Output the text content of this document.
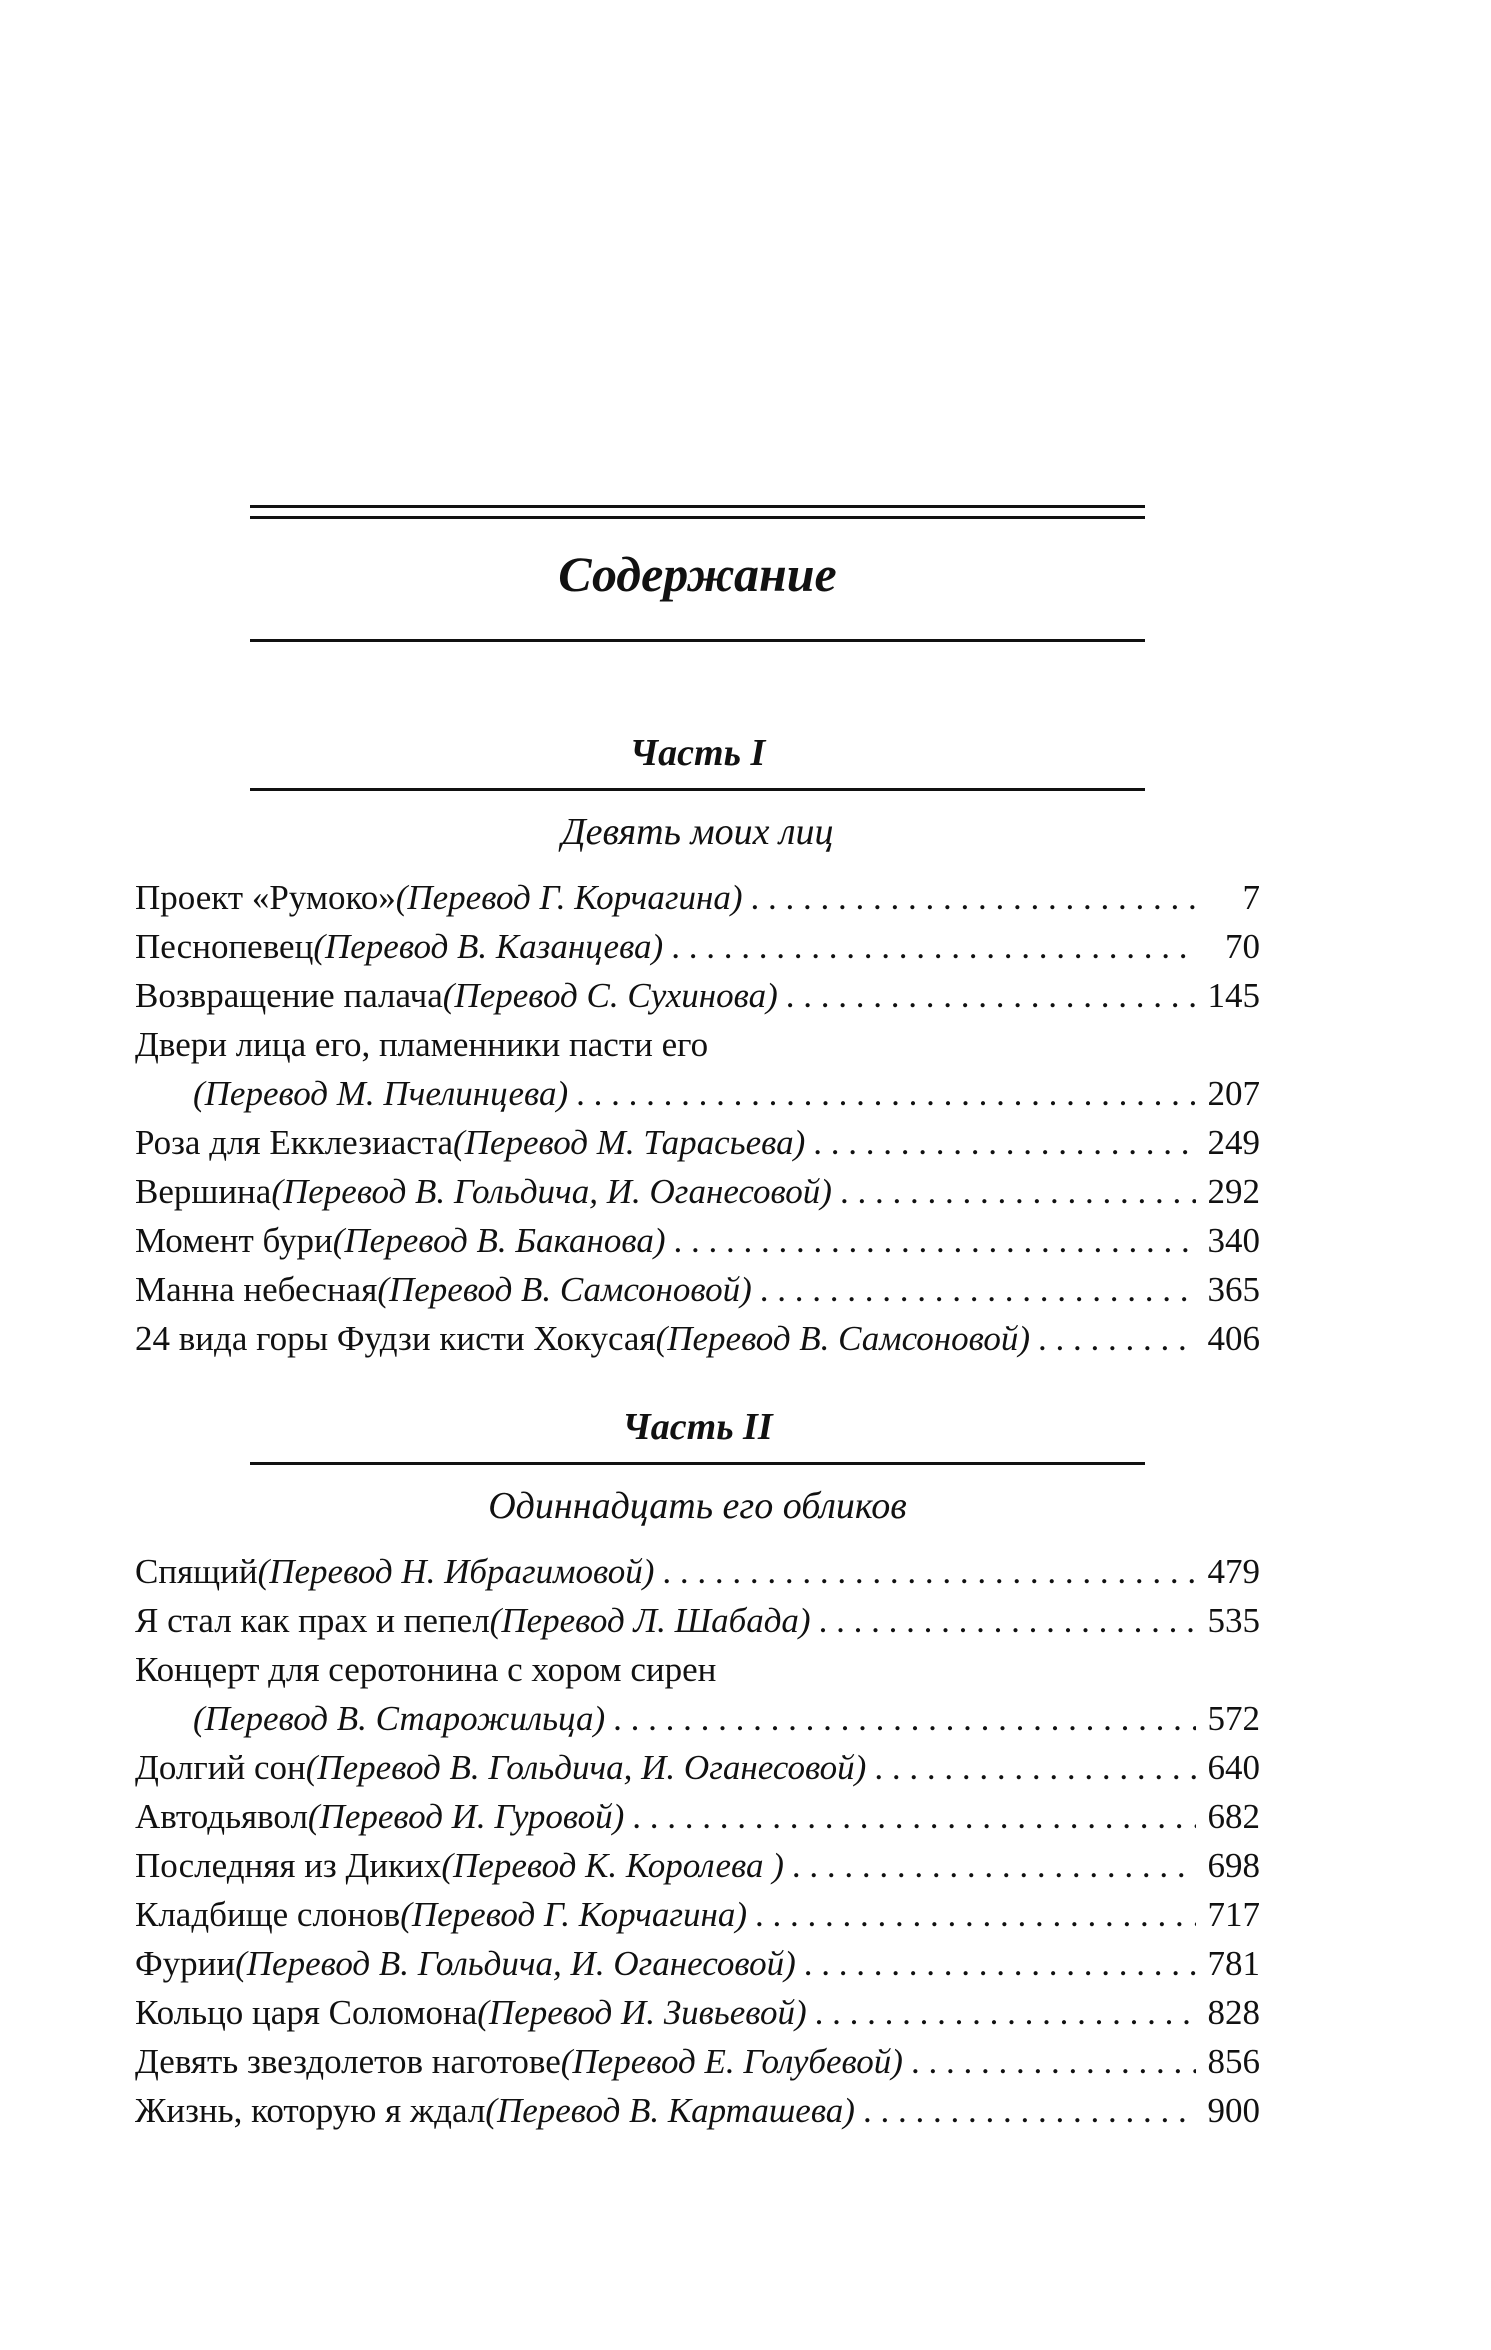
Содержание
Часть I
Девять моих лиц
Проект «Румоко» (Перевод Г. Корчагина) . . .	7
Песнопевец (Перевод В. Казанцева) . . .	70
Возвращение палача (Перевод С. Сухинова) . . .	145
Двери лица его, пламенники пасти его
(Перевод М. Пчелинцева) . . .	207
Роза для Екклезиаста (Перевод М. Тарасьева) . . .	249
Вершина (Перевод В. Гольдича, И. Оганесовой) . . .	292
Момент бури (Перевод В. Баканова) . . .	340
Манна небесная (Перевод В. Самсоновой) . . .	365
24 вида горы Фудзи кисти Хокусая (Перевод В. Самсоновой) . . .	406
Часть II
Одиннадцать его обликов
Спящий (Перевод Н. Ибрагимовой) . . .	479
Я стал как прах и пепел (Перевод Л. Шабада) . . .	535
Концерт для серотонина с хором сирен
(Перевод В. Старожильца) . . .	572
Долгий сон (Перевод В. Гольдича, И. Оганесовой) . . .	640
Автодьявол (Перевод И. Гуровой) . . .	682
Последняя из Диких (Перевод К. Королева ) . . .	698
Кладбище слонов (Перевод Г. Корчагина) . . .	717
Фурии (Перевод В. Гольдича, И. Оганесовой) . . .	781
Кольцо царя Соломона (Перевод И. Зивьевой) . . .	828
Девять звездолетов наготове (Перевод Е. Голубевой) . . .	856
Жизнь, которую я ждал (Перевод В. Карташева) . . .	900
